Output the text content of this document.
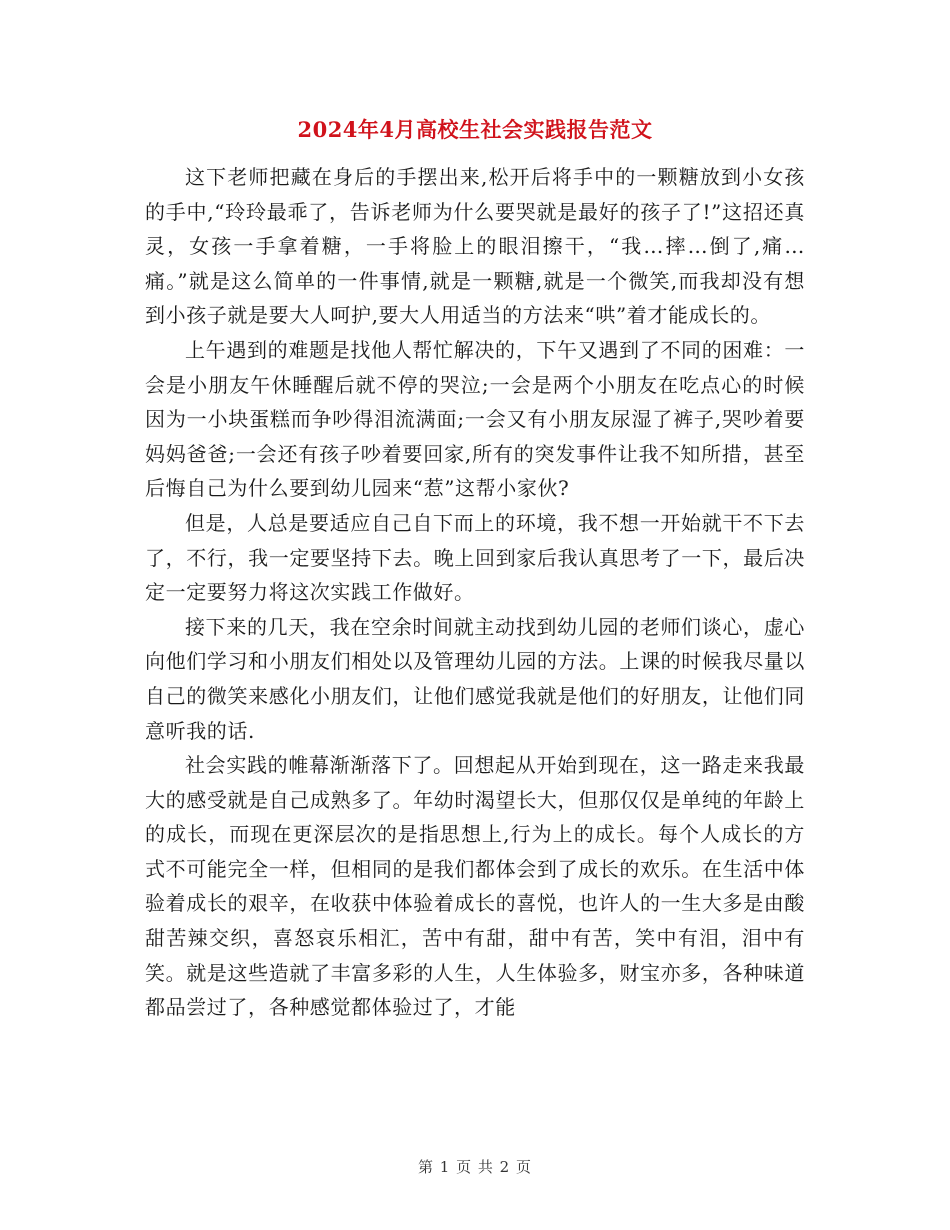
2024年4月高校生社会实践报告范文

这下老师把藏在身后的手摆出来,松开后将手中的一颗糖放到小女孩的手中,“玲玲最乖了，告诉老师为什么要哭就是最好的孩子了!”这招还真灵，女孩一手拿着糖，一手将脸上的眼泪擦干，“我…摔…倒了,痛…痛。”就是这么简单的一件事情,就是一颗糖,就是一个微笑,而我却没有想到小孩子就是要大人呵护,要大人用适当的方法来“哄”着才能成长的。

上午遇到的难题是找他人帮忙解决的，下午又遇到了不同的困难：一会是小朋友午休睡醒后就不停的哭泣;一会是两个小朋友在吃点心的时候因为一小块蛋糕而争吵得泪流满面;一会又有小朋友尿湿了裤子,哭吵着要妈妈爸爸;一会还有孩子吵着要回家,所有的突发事件让我不知所措，甚至后悔自己为什么要到幼儿园来“惹”这帮小家伙?

但是，人总是要适应自己自下而上的环境，我不想一开始就干不下去了，不行，我一定要坚持下去。晚上回到家后我认真思考了一下，最后决定一定要努力将这次实践工作做好。

接下来的几天，我在空余时间就主动找到幼儿园的老师们谈心，虚心向他们学习和小朋友们相处以及管理幼儿园的方法。上课的时候我尽量以自己的微笑来感化小朋友们，让他们感觉我就是他们的好朋友，让他们同意听我的话.

社会实践的帷幕渐渐落下了。回想起从开始到现在，这一路走来我最大的感受就是自己成熟多了。年幼时渴望长大，但那仅仅是单纯的年龄上的成长，而现在更深层次的是指思想上,行为上的成长。每个人成长的方式不可能完全一样，但相同的是我们都体会到了成长的欢乐。在生活中体验着成长的艰辛，在收获中体验着成长的喜悦，也许人的一生大多是由酸甜苦辣交织，喜怒哀乐相汇，苦中有甜，甜中有苦，笑中有泪，泪中有笑。就是这些造就了丰富多彩的人生，人生体验多，财宝亦多，各种味道都品尝过了，各种感觉都体验过了，才能

第 1 页 共 2 页
